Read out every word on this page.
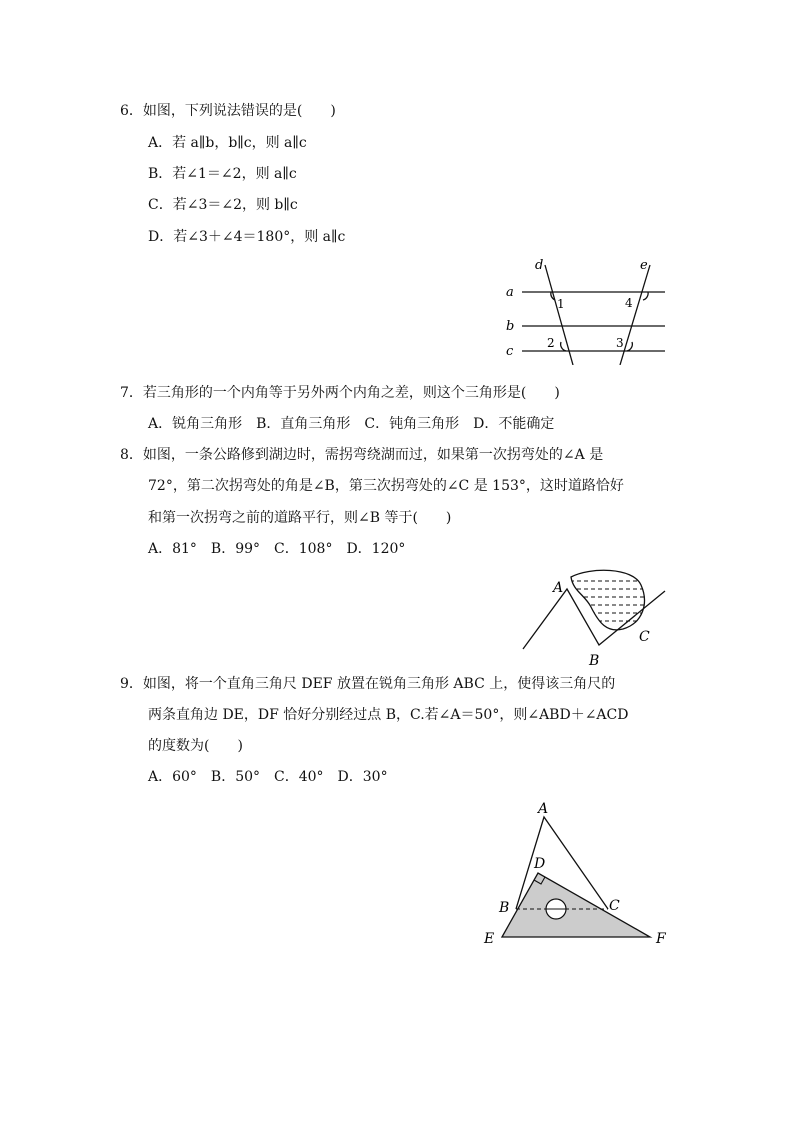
6．如图，下列说法错误的是(　　)
A．若 a∥b，b∥c，则 a∥c
B．若∠1＝∠2，则 a∥c
C．若∠3＝∠2，则 b∥c
D．若∠3＋∠4＝180°，则 a∥c
a
b
c
d	e
1	4
2	3
7．若三角形的一个内角等于另外两个内角之差，则这个三角形是(　　)
A．锐角三角形　B．直角三角形　C．钝角三角形　D．不能确定
8．如图，一条公路修到湖边时，需拐弯绕湖而过，如果第一次拐弯处的∠A 是
72°，第二次拐弯处的角是∠B，第三次拐弯处的∠C 是 153°，这时道路恰好
和第一次拐弯之前的道路平行，则∠B 等于(　　)
A．81°　B．99°　C．108°　D．120°
A
B
C
9．如图，将一个直角三角尺 DEF 放置在锐角三角形 ABC 上，使得该三角尺的
两条直角边 DE，DF 恰好分别经过点 B，C.若∠A＝50°，则∠ABD＋∠ACD
的度数为(　　)
A．60°　B．50°　C．40°　D．30°
A
D
B	C
E	F
